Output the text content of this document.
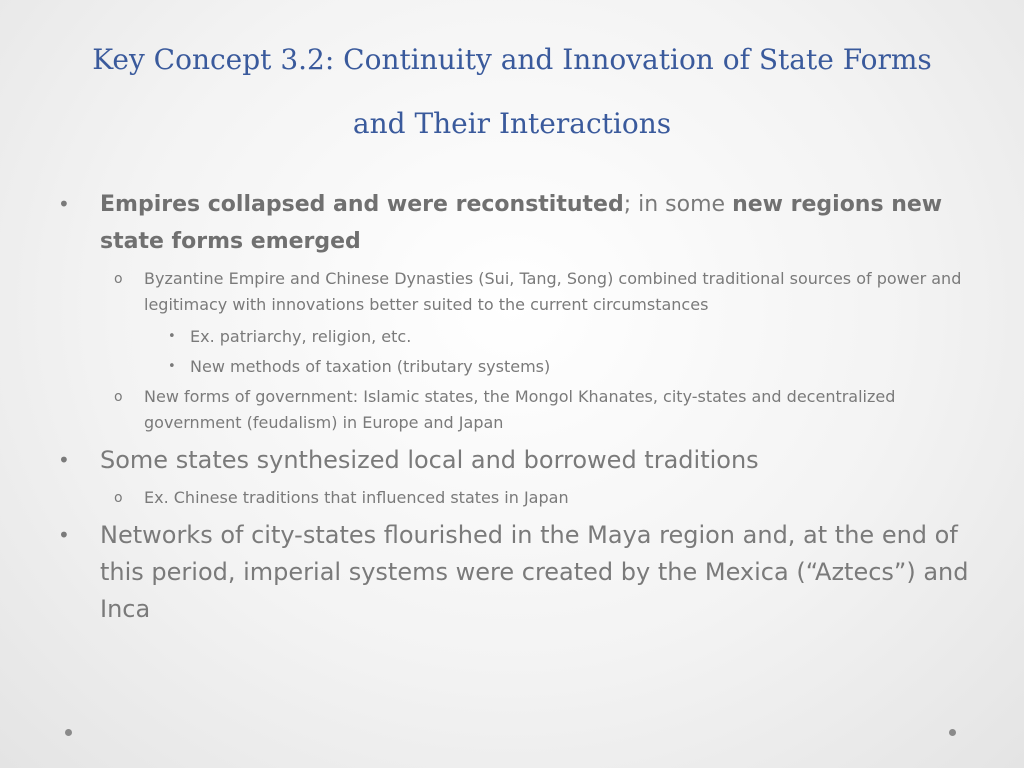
Key Concept 3.2: Continuity and Innovation of State Forms
and Their Interactions
•	Empires collapsed and were reconstituted; in some new regions new state forms emerged
o Byzantine Empire and Chinese Dynasties (Sui, Tang, Song) combined traditional sources of power and legitimacy with innovations better suited to the current circumstances
• Ex. patriarchy, religion, etc.
• New methods of taxation (tributary systems)
o New forms of government: Islamic states, the Mongol Khanates, city-states and decentralized government (feudalism) in Europe and Japan
•	Some states synthesized local and borrowed traditions
o Ex. Chinese traditions that influenced states in Japan
•	Networks of city-states flourished in the Maya region and, at the end of this period, imperial systems were created by the Mexica (“Aztecs”) and Inca
